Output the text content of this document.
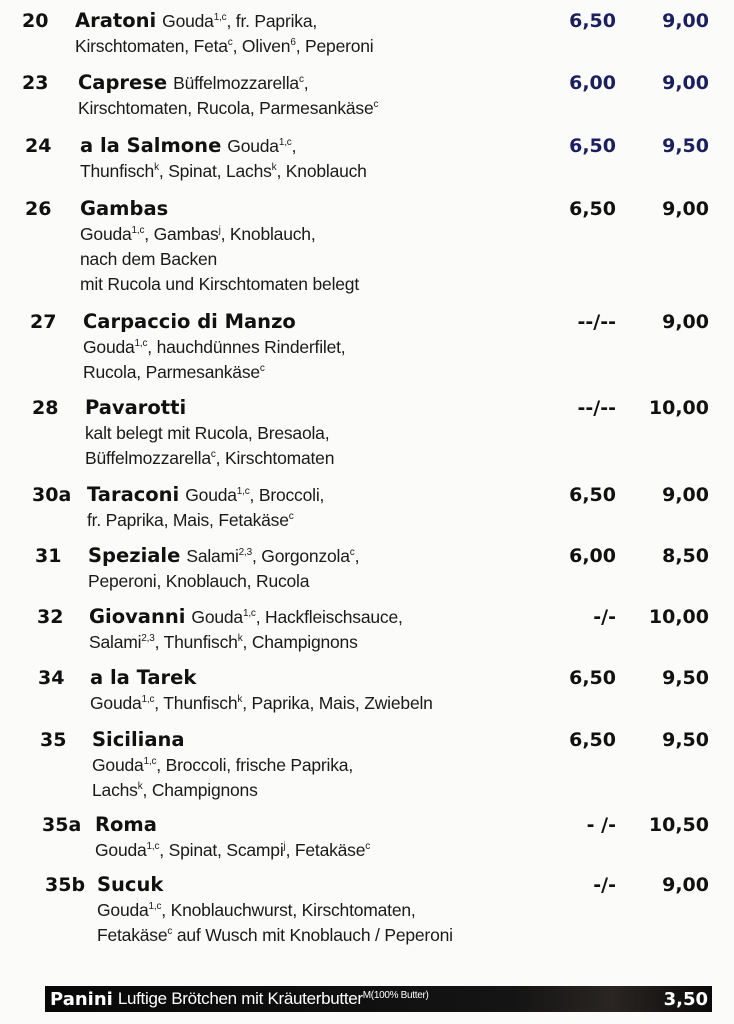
20 Aratoni Gouda$^{1,c}$, fr. Paprika,
Kirschtomaten, Feta$^c$, Oliven$^6$, Peperoni
6,50 9,00
23 Caprese Büffelmozzarella$^c$,
Kirschtomaten, Rucola, Parmesankäse$^c$
6,00 9,00
24 a la Salmone Gouda$^{1,c}$,
Thunfisch$^k$, Spinat, Lachs$^k$, Knoblauch
6,50 9,50
26 Gambas
Gouda$^{1,c}$, Gambas$^j$, Knoblauch,
nach dem Backen
mit Rucola und Kirschtomaten belegt
6,50 9,00
27 Carpaccio di Manzo
Gouda$^{1,c}$, hauchdünnes Rinderfilet,
Rucola, Parmesankäse$^c$
--/-- 9,00
28 Pavarotti
kalt belegt mit Rucola, Bresaola,
Büffelmozzarella$^c$, Kirschtomaten
--/-- 10,00
30a Taraconi Gouda$^{1,c}$, Broccoli,
fr. Paprika, Mais, Fetakäse$^c$
6,50 9,00
31 Speziale Salami$^{2,3}$, Gorgonzola$^c$,
Peperoni, Knoblauch, Rucola
6,00 8,50
32 Giovanni Gouda$^{1,c}$, Hackfleischsauce,
Salami$^{2,3}$, Thunfisch$^k$, Champignons
-/- 10,00
34 a la Tarek
Gouda$^{1,c}$, Thunfisch$^k$, Paprika, Mais, Zwiebeln
6,50 9,50
35 Siciliana
Gouda$^{1,c}$, Broccoli, frische Paprika,
Lachs$^k$, Champignons
6,50 9,50
35a Roma
Gouda$^{1,c}$, Spinat, Scampi$^j$, Fetakäse$^c$
- /- 10,50
35b Sucuk
Gouda$^{1,c}$, Knoblauchwurst, Kirschtomaten,
Fetakäse$^c$ auf Wusch mit Knoblauch / Peperoni
-/- 9,00
Panini Luftige Brötchen mit Kräuterbutter$^{M(100\% Butter)}$	3,50
